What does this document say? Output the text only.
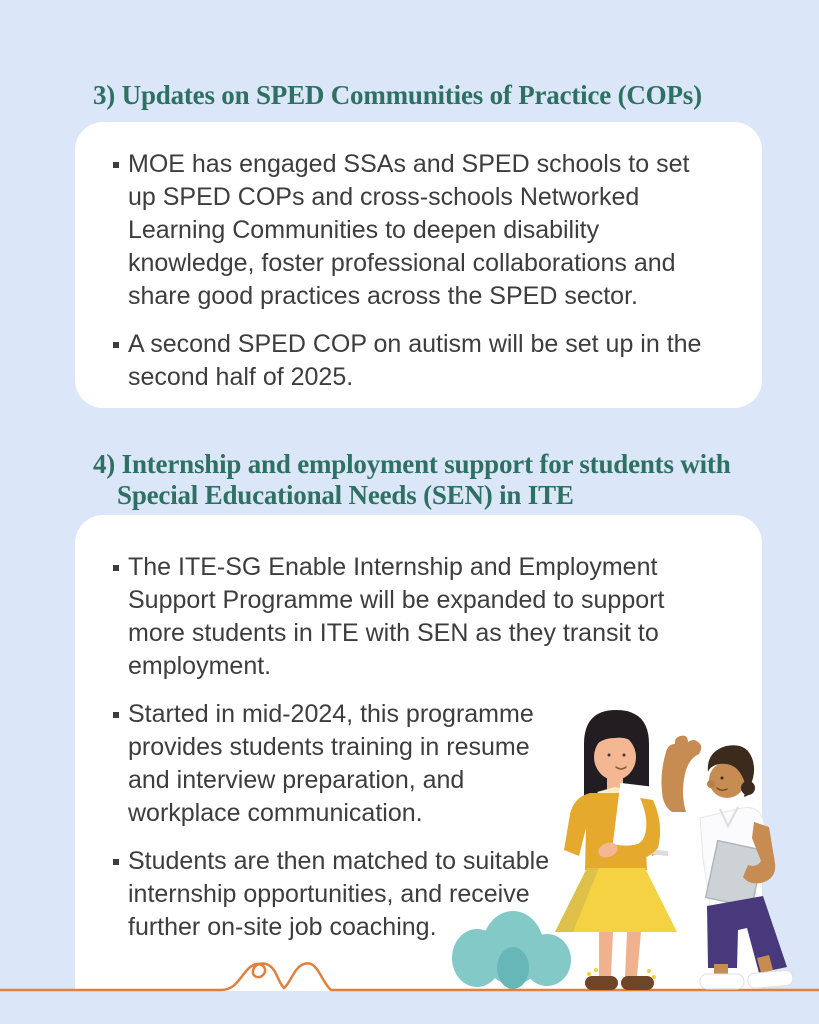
3) Updates on SPED Communities of Practice (COPs)
MOE has engaged SSAs and SPED schools to set up SPED COPs and cross-schools Networked Learning Communities to deepen disability knowledge, foster professional collaborations and share good practices across the SPED sector.
A second SPED COP on autism will be set up in the second half of 2025.
4) Internship and employment support for students with Special Educational Needs (SEN) in ITE
The ITE-SG Enable Internship and Employment Support Programme will be expanded to support more students in ITE with SEN as they transit to employment.
Started in mid-2024, this programme provides students training in resume and interview preparation, and workplace communication.
Students are then matched to suitable internship opportunities, and receive further on-site job coaching.
